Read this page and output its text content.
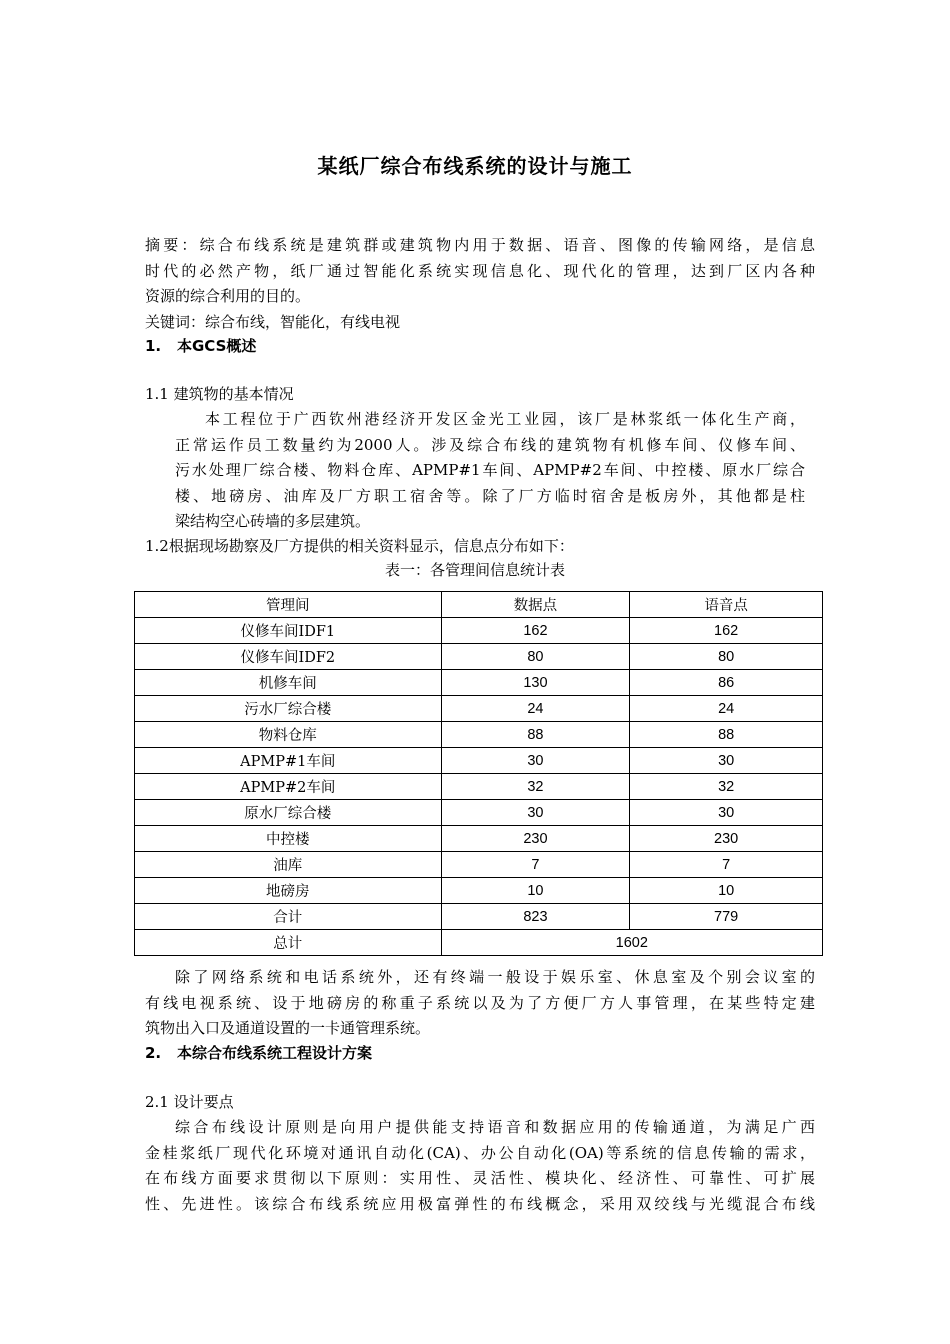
某纸厂综合布线系统的设计与施工
摘要：综合布线系统是建筑群或建筑物内用于数据、语音、图像的传输网络，是信息
时代的必然产物，纸厂通过智能化系统实现信息化、现代化的管理，达到厂区内各种
资源的综合利用的目的。
关键词：综合布线，智能化，有线电视
1. 本GCS概述
1.1 建筑物的基本情况
本工程位于广西钦州港经济开发区金光工业园，该厂是林浆纸一体化生产商，
正常运作员工数量约为2000人。涉及综合布线的建筑物有机修车间、仪修车间、
污水处理厂综合楼、物料仓库、APMP#1车间、APMP#2车间、中控楼、原水厂综合
楼、地磅房、油库及厂方职工宿舍等。除了厂方临时宿舍是板房外，其他都是柱
梁结构空心砖墙的多层建筑。
1.2根据现场勘察及厂方提供的相关资料显示，信息点分布如下：
表一：各管理间信息统计表
管理间	数据点	语音点
仪修车间IDF1	162	162
仪修车间IDF2	80	80
机修车间	130	86
污水厂综合楼	24	24
物料仓库	88	88
APMP#1车间	30	30
APMP#2车间	32	32
原水厂综合楼	30	30
中控楼	230	230
油库	7	7
地磅房	10	10
合计	823	779
总计	1602	
除了网络系统和电话系统外，还有终端一般设于娱乐室、休息室及个别会议室的
有线电视系统、设于地磅房的称重子系统以及为了方便厂方人事管理，在某些特定建
筑物出入口及通道设置的一卡通管理系统。
2. 本综合布线系统工程设计方案
2.1 设计要点
综合布线设计原则是向用户提供能支持语音和数据应用的传输通道，为满足广西
金桂浆纸厂现代化环境对通讯自动化(CA)、办公自动化(OA)等系统的信息传输的需求，
在布线方面要求贯彻以下原则：实用性、灵活性、模块化、经济性、可靠性、可扩展
性、先进性。该综合布线系统应用极富弹性的布线概念，采用双绞线与光缆混合布线
